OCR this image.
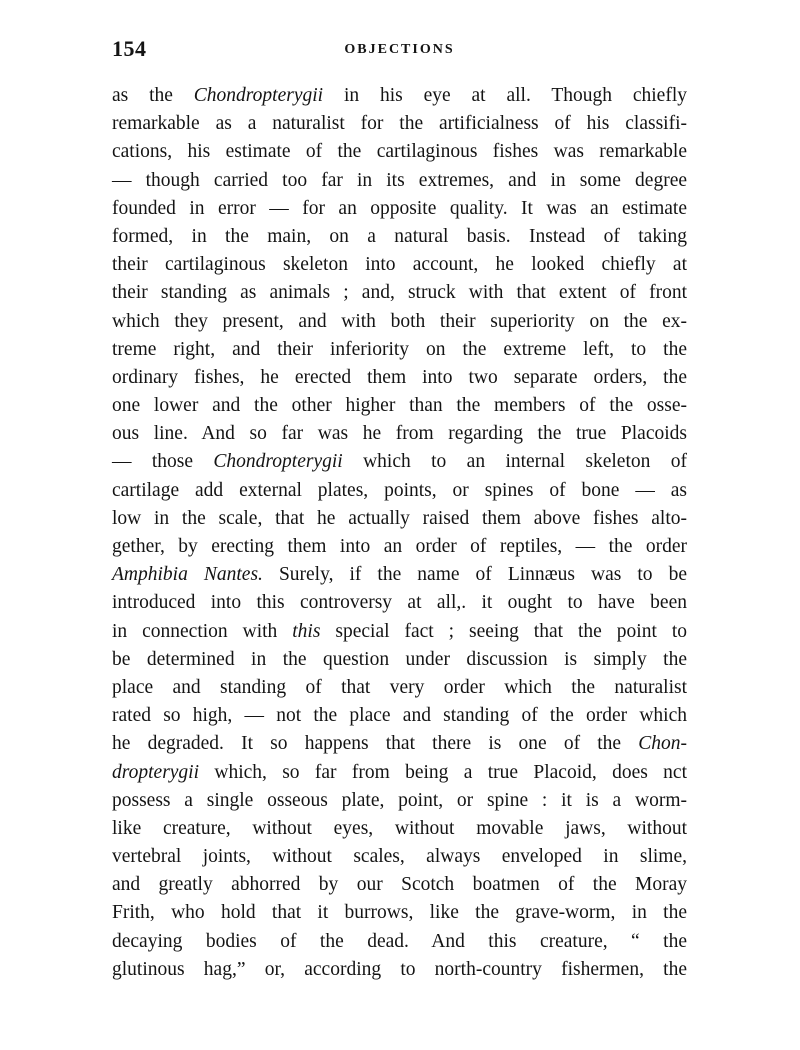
154	OBJECTIONS
as the Chondropterygii in his eye at all. Though chiefly
remarkable as a naturalist for the artificialness of his classifi-
cations, his estimate of the cartilaginous fishes was remarkable
— though carried too far in its extremes, and in some degree
founded in error — for an opposite quality. It was an estimate
formed, in the main, on a natural basis. Instead of taking
their cartilaginous skeleton into account, he looked chiefly at
their standing as animals ; and, struck with that extent of front
which they present, and with both their superiority on the ex-
treme right, and their inferiority on the extreme left, to the
ordinary fishes, he erected them into two separate orders, the
one lower and the other higher than the members of the osse-
ous line. And so far was he from regarding the true Placoids
— those Chondropterygii which to an internal skeleton of
cartilage add external plates, points, or spines of bone — as
low in the scale, that he actually raised them above fishes alto-
gether, by erecting them into an order of reptiles, — the order
Amphibia Nantes. Surely, if the name of Linnæus was to be
introduced into this controversy at all,. it ought to have been
in connection with this special fact ; seeing that the point to
be determined in the question under discussion is simply the
place and standing of that very order which the naturalist
rated so high, — not the place and standing of the order which
he degraded. It so happens that there is one of the Chon-
dropterygii which, so far from being a true Placoid, does nct
possess a single osseous plate, point, or spine : it is a worm-
like creature, without eyes, without movable jaws, without
vertebral joints, without scales, always enveloped in slime,
and greatly abhorred by our Scotch boatmen of the Moray
Frith, who hold that it burrows, like the grave-worm, in the
decaying bodies of the dead. And this creature, “ the
glutinous hag,” or, according to north-country fishermen, the
